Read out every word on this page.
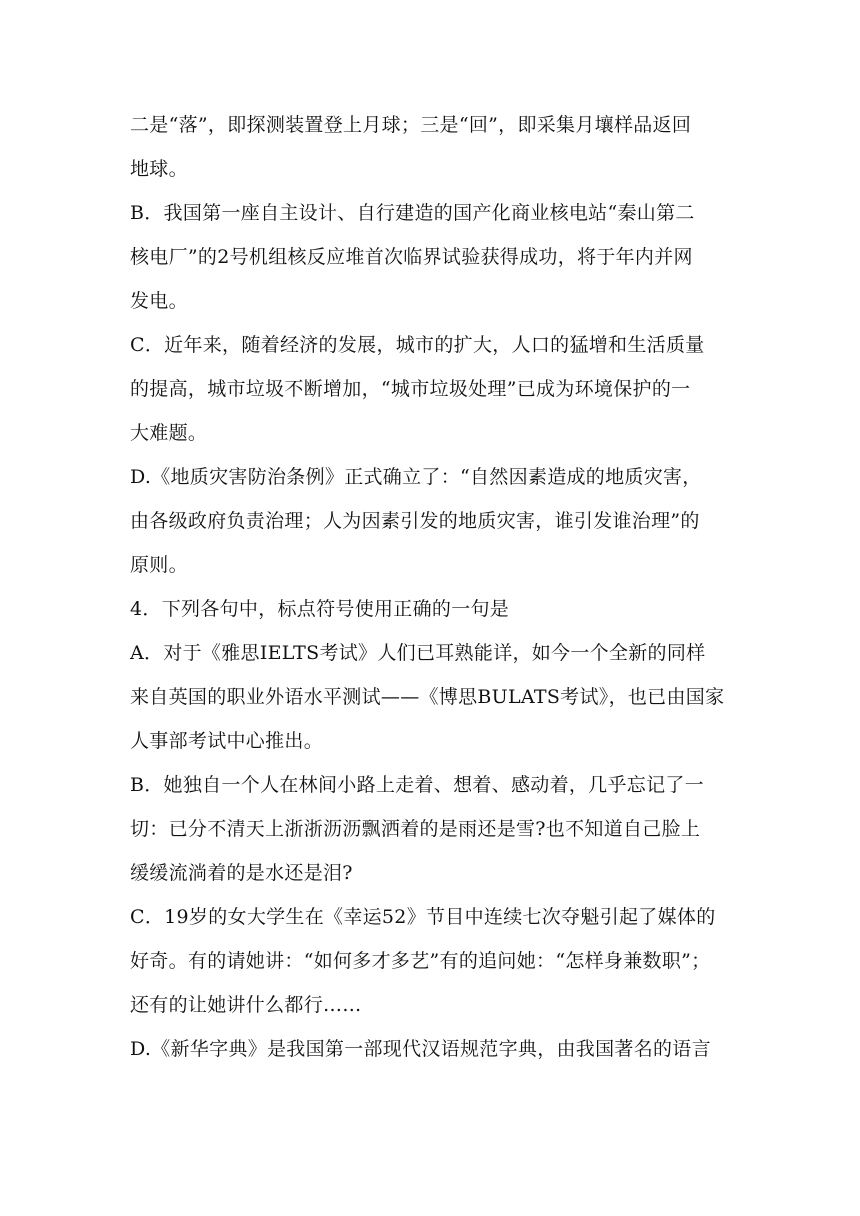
二是“落”，即探测装置登上月球；三是“回”，即采集月壤样品返回
地球。
B．我国第一座自主设计、自行建造的国产化商业核电站“秦山第二
核电厂”的2号机组核反应堆首次临界试验获得成功，将于年内并网
发电。
C．近年来，随着经济的发展，城市的扩大，人口的猛增和生活质量
的提高，城市垃圾不断增加，“城市垃圾处理”已成为环境保护的一
大难题。
D.《地质灾害防治条例》正式确立了：“自然因素造成的地质灾害，
由各级政府负责治理；人为因素引发的地质灾害，谁引发谁治理”的
原则。
4．下列各句中，标点符号使用正确的一句是
A．对于《雅思IELTS考试》人们已耳熟能详，如今一个全新的同样
来自英国的职业外语水平测试——《博思BULATS考试》，也已由国家
人事部考试中心推出。
B．她独自一个人在林间小路上走着、想着、感动着，几乎忘记了一
切：已分不清天上浙浙沥沥飘洒着的是雨还是雪?也不知道自己脸上
缓缓流淌着的是水还是泪?
C．19岁的女大学生在《幸运52》节目中连续七次夺魁引起了媒体的
好奇。有的请她讲：“如何多才多艺”有的追问她：“怎样身兼数职”；
还有的让她讲什么都行……
D.《新华字典》是我国第一部现代汉语规范字典，由我国著名的语言
